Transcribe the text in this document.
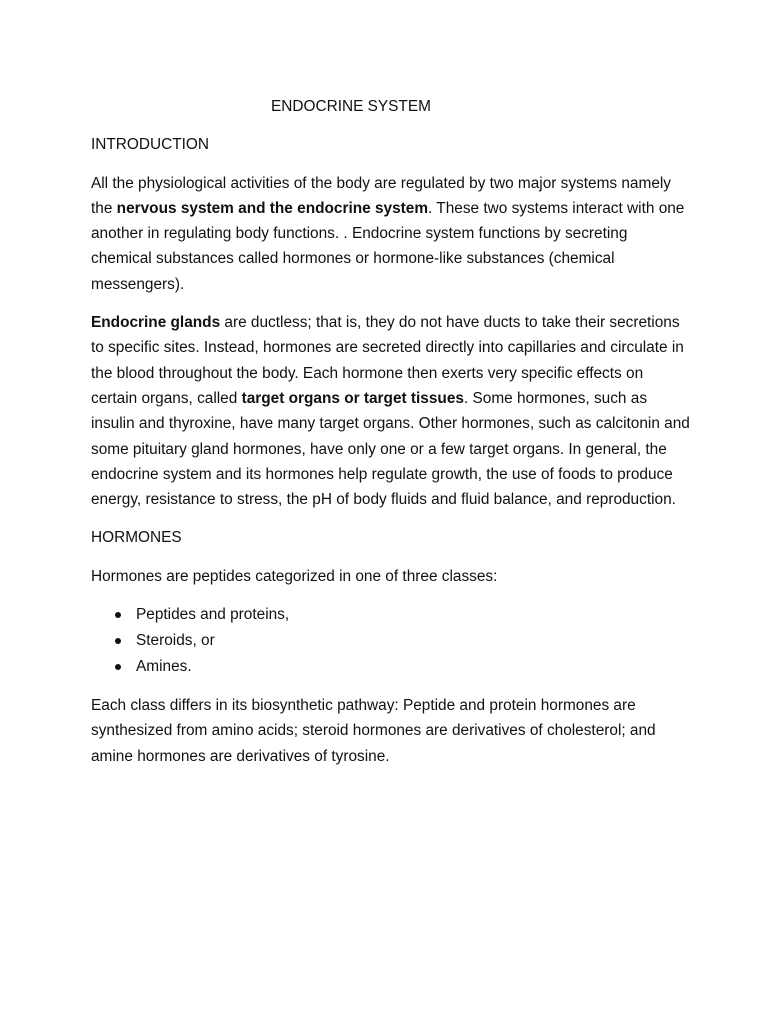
ENDOCRINE SYSTEM
INTRODUCTION

All the physiological activities of the body are regulated by two major systems namely the nervous system and the endocrine system. These two systems interact with one another in regulating body functions. . Endocrine system functions by secreting chemical substances called hormones or hormone-like substances (chemical messengers).

Endocrine glands are ductless; that is, they do not have ducts to take their secretions to specific sites. Instead, hormones are secreted directly into capillaries and circulate in the blood throughout the body. Each hormone then exerts very specific effects on certain organs, called target organs or target tissues. Some hormones, such as insulin and thyroxine, have many target organs. Other hormones, such as calcitonin and some pituitary gland hormones, have only one or a few target organs. In general, the endocrine system and its hormones help regulate growth, the use of foods to produce energy, resistance to stress, the pH of body fluids and fluid balance, and reproduction.

HORMONES

Hormones are peptides categorized in one of three classes:

Peptides and proteins,
Steroids, or
Amines.

Each class differs in its biosynthetic pathway: Peptide and protein hormones are synthesized from amino acids; steroid hormones are derivatives of cholesterol; and amine hormones are derivatives of tyrosine.
